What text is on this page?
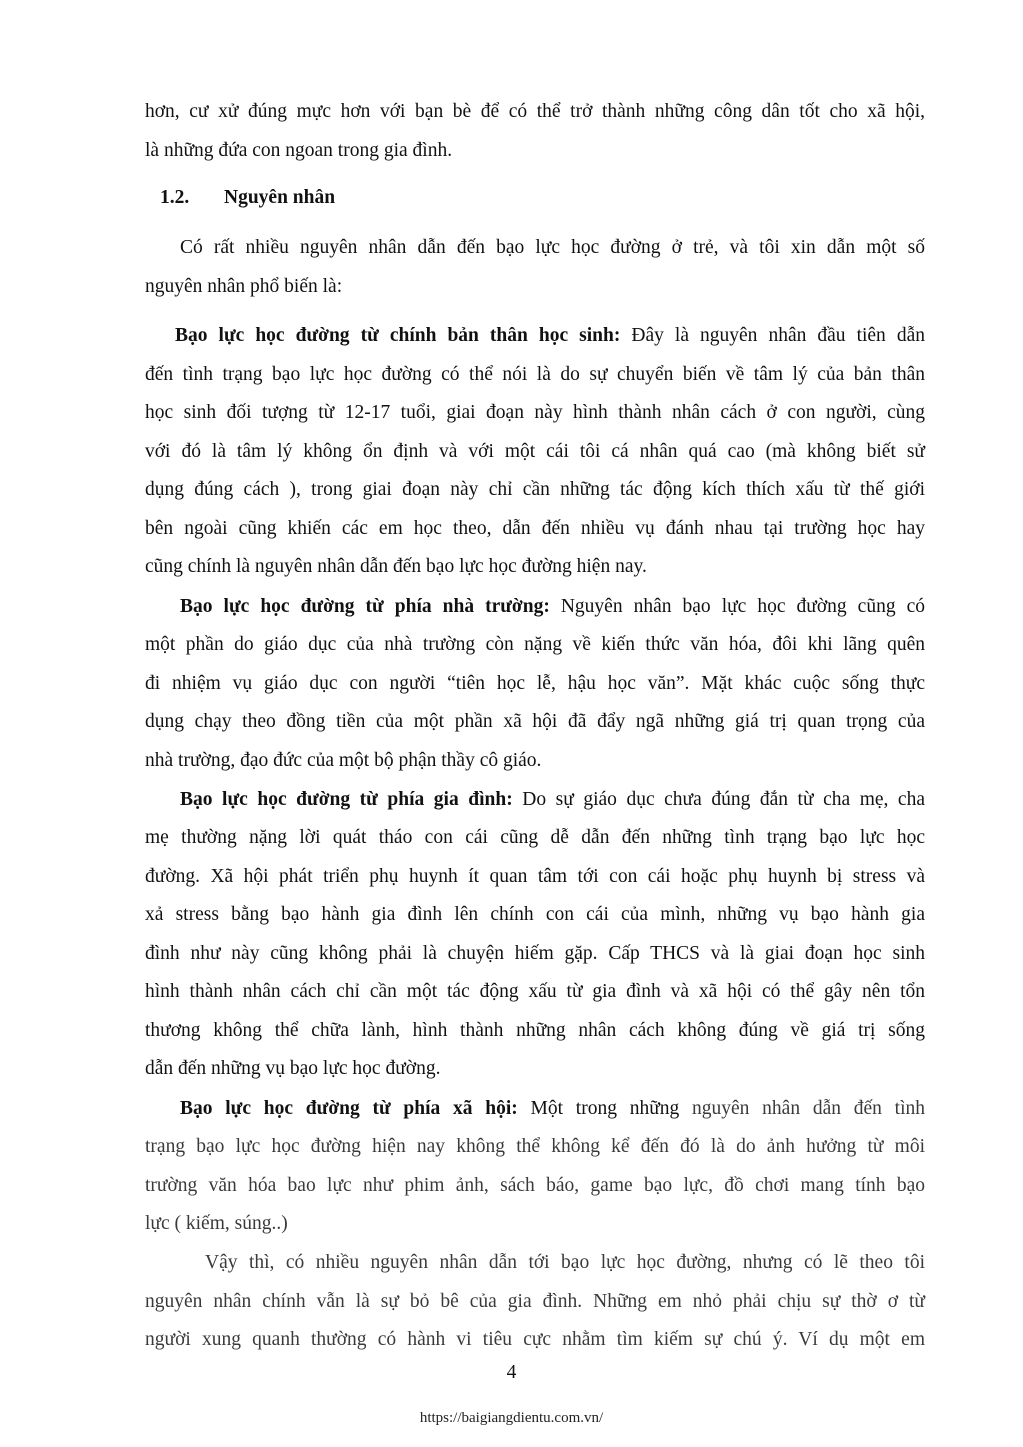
hơn, cư xử đúng mực hơn với bạn bè để có thể trở thành những công dân tốt cho xã hội,
là những đứa con ngoan trong gia đình.
1.2. Nguyên nhân
Có rất nhiều nguyên nhân dẫn đến bạo lực học đường ở trẻ, và tôi xin dẫn một số
nguyên nhân phổ biến là:
Bạo lực học đường từ chính bản thân học sinh: Đây là nguyên nhân đầu tiên dẫn
đến tình trạng bạo lực học đường có thể nói là do sự chuyển biến về tâm lý của bản thân
học sinh đối tượng từ 12-17 tuổi, giai đoạn này hình thành nhân cách ở con người, cùng
với đó là tâm lý không ổn định và với một cái tôi cá nhân quá cao (mà không biết sử
dụng đúng cách ), trong giai đoạn này chỉ cần những tác động kích thích xấu từ thế giới
bên ngoài cũng khiến các em học theo, dẫn đến nhiều vụ đánh nhau tại trường học hay
cũng chính là nguyên nhân dẫn đến bạo lực học đường hiện nay.
Bạo lực học đường từ phía nhà trường: Nguyên nhân bạo lực học đường cũng có
một phần do giáo dục của nhà trường còn nặng về kiến thức văn hóa, đôi khi lãng quên
đi nhiệm vụ giáo dục con người “tiên học lễ, hậu học văn”. Mặt khác cuộc sống thực
dụng chạy theo đồng tiền của một phần xã hội đã đẩy ngã những giá trị quan trọng của
nhà trường, đạo đức của một bộ phận thầy cô giáo.
Bạo lực học đường từ phía gia đình: Do sự giáo dục chưa đúng đắn từ cha mẹ, cha
mẹ thường nặng lời quát tháo con cái cũng dễ dẫn đến những tình trạng bạo lực học
đường. Xã hội phát triển phụ huynh ít quan tâm tới con cái hoặc phụ huynh bị stress và
xả stress bằng bạo hành gia đình lên chính con cái của mình, những vụ bạo hành gia
đình như này cũng không phải là chuyện hiếm gặp. Cấp THCS và là giai đoạn học sinh
hình thành nhân cách chỉ cần một tác động xấu từ gia đình và xã hội có thể gây nên tổn
thương không thể chữa lành, hình thành những nhân cách không đúng về giá trị sống
dẫn đến những vụ bạo lực học đường.
Bạo lực học đường từ phía xã hội: Một trong những nguyên nhân dẫn đến tình
trạng bạo lực học đường hiện nay không thể không kể đến đó là do ảnh hưởng từ môi
trường văn hóa bao lực như phim ảnh, sách báo, game bạo lực, đồ chơi mang tính bạo
lực ( kiếm, súng..)
Vậy thì, có nhiều nguyên nhân dẫn tới bạo lực học đường, nhưng có lẽ theo tôi
nguyên nhân chính vẫn là sự bỏ bê của gia đình. Những em nhỏ phải chịu sự thờ ơ từ
người xung quanh thường có hành vi tiêu cực nhằm tìm kiếm sự chú ý. Ví dụ một em
4
https://baigiangdientu.com.vn/
